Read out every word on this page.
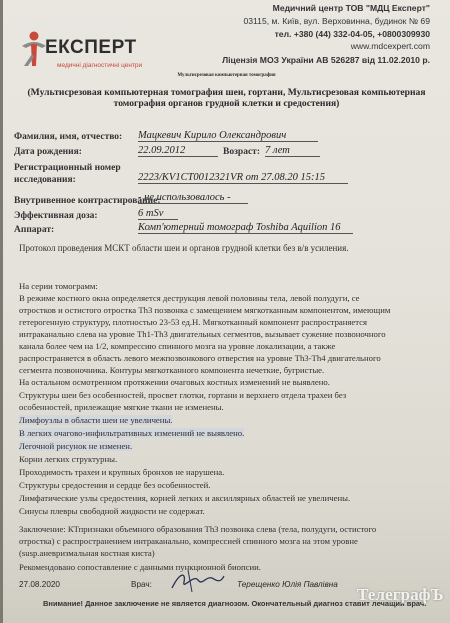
ЕКСПЕРТ
медичні діагностичні центри
Медичний центр ТОВ "МДЦ Експерт"
03115, м. Київ, вул. Верховинна, будинок № 69
тел. +380 (44) 332-04-05, +0800309930
www.mdcexpert.com
Ліцензія МОЗ України АВ 526287 від 11.02.2010 р.
Мультисрезовая компьютерная томография
(Мультисрезовая компьютерная томография шеи, гортани, Мультисрезовая компьютерная томография органов грудной клетки и средостения)
Фамилия, имя, отчество: Мацкевич Кирило Олександрович
Дата рождения:	22.09.2012	Возраст: 7 лет
Регистрационный номер
исследования:	2223/KV1CT0012321VR от 27.08.20 15:15
Внутривенное контрастирование:
- не использовалось -
Эффективная доза:	6 mSv
Аппарат:	Комп'ютерний томограф Toshiba Aquilion 16
Протокол проведения МСКТ области шеи и органов грудной клетки без в/в усиления.
На серии томограмм:
В режиме костного окна определяется деструкция левой половины тела, левой полудуги, се
отростков и остистого отростка Th3 позвонка с замещением мягкотканным компонентом, имеющим
гетерогенную структуру, плотностью 23-53 ед.Н. Мягкотканный компонент распространяется
интраканально слева на уровне Th1-Th3 двигательных сегментов, вызывает сужение позвоночного
канала более чем на 1/2, компрессию спинного мозга на уровне локализации, а также
распространяется в область левого межпозвонкового отверстия на уровне Th3-Th4 двигательного
сегмента позвоночника. Контуры мягкотканного компонента нечеткие, бугристые.
На остальном осмотренном протяжении очаговых костных изменений не выявлено.
Структуры шеи без особенностей, просвет глотки, гортани и верхнего отдела трахеи без
особенностей, прилежащие мягкие ткани не изменены.
Лимфоузлы в области шеи не увеличены.
В легких очагово-инфильтративных изменений не выявлено.
Легочной рисунок не изменен.
Корни легких структурны.
Проходимость трахеи и крупных бронхов не нарушена.
Структуры средостения и сердце без особенностей.
Лимфатические узлы средостения, корней легких и аксиллярных областей не увеличены.
Синусы плевры свободной жидкости не содержат.
Заключение: КТпризнаки объемного образования Th3 позвонка слева (тела, полудуги, остистого
отростка) с распространением интраканально, компрессией спинного мозга на этом уровне
(susp.аневризмальная костная киста)
Рекомендовано сопоставление с данными пункционной биопсии.
27.08.2020	Врач:	Терещенко Юлія Павлівна
Внимание! Данное заключение не является диагнозом. Окончательный диагноз ставит лечащий врач.
ТелеграфЪ
